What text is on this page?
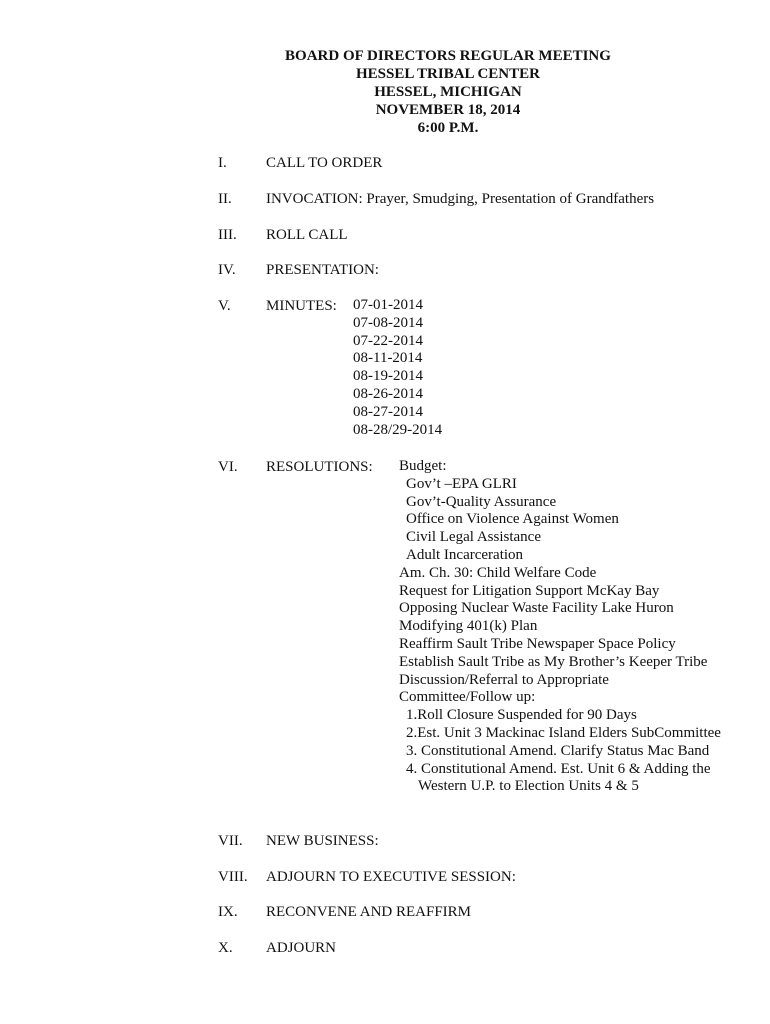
BOARD OF DIRECTORS REGULAR MEETING
HESSEL TRIBAL CENTER
HESSEL, MICHIGAN
NOVEMBER 18, 2014
6:00 P.M.
I.	CALL TO ORDER
II. INVOCATION: Prayer, Smudging, Presentation of Grandfathers
III. ROLL CALL
IV. PRESENTATION:
V. MINUTES: 07-01-2014
07-08-2014
07-22-2014
08-11-2014
08-19-2014
08-26-2014
08-27-2014
08-28/29-2014
VI. RESOLUTIONS: Budget:
Gov’t –EPA GLRI
Gov’t-Quality Assurance
Office on Violence Against Women
Civil Legal Assistance
Adult Incarceration
Am. Ch. 30: Child Welfare Code
Request for Litigation Support McKay Bay
Opposing Nuclear Waste Facility Lake Huron
Modifying 401(k) Plan
Reaffirm Sault Tribe Newspaper Space Policy
Establish Sault Tribe as My Brother’s Keeper Tribe
Discussion/Referral to Appropriate
Committee/Follow up:
1.Roll Closure Suspended for 90 Days
2.Est. Unit 3 Mackinac Island Elders SubCommittee
3. Constitutional Amend. Clarify Status Mac Band
4. Constitutional Amend. Est. Unit 6 & Adding the
Western U.P. to Election Units 4 & 5
VII. NEW BUSINESS:
VIII. ADJOURN TO EXECUTIVE SESSION:
IX. RECONVENE AND REAFFIRM
X. ADJOURN
